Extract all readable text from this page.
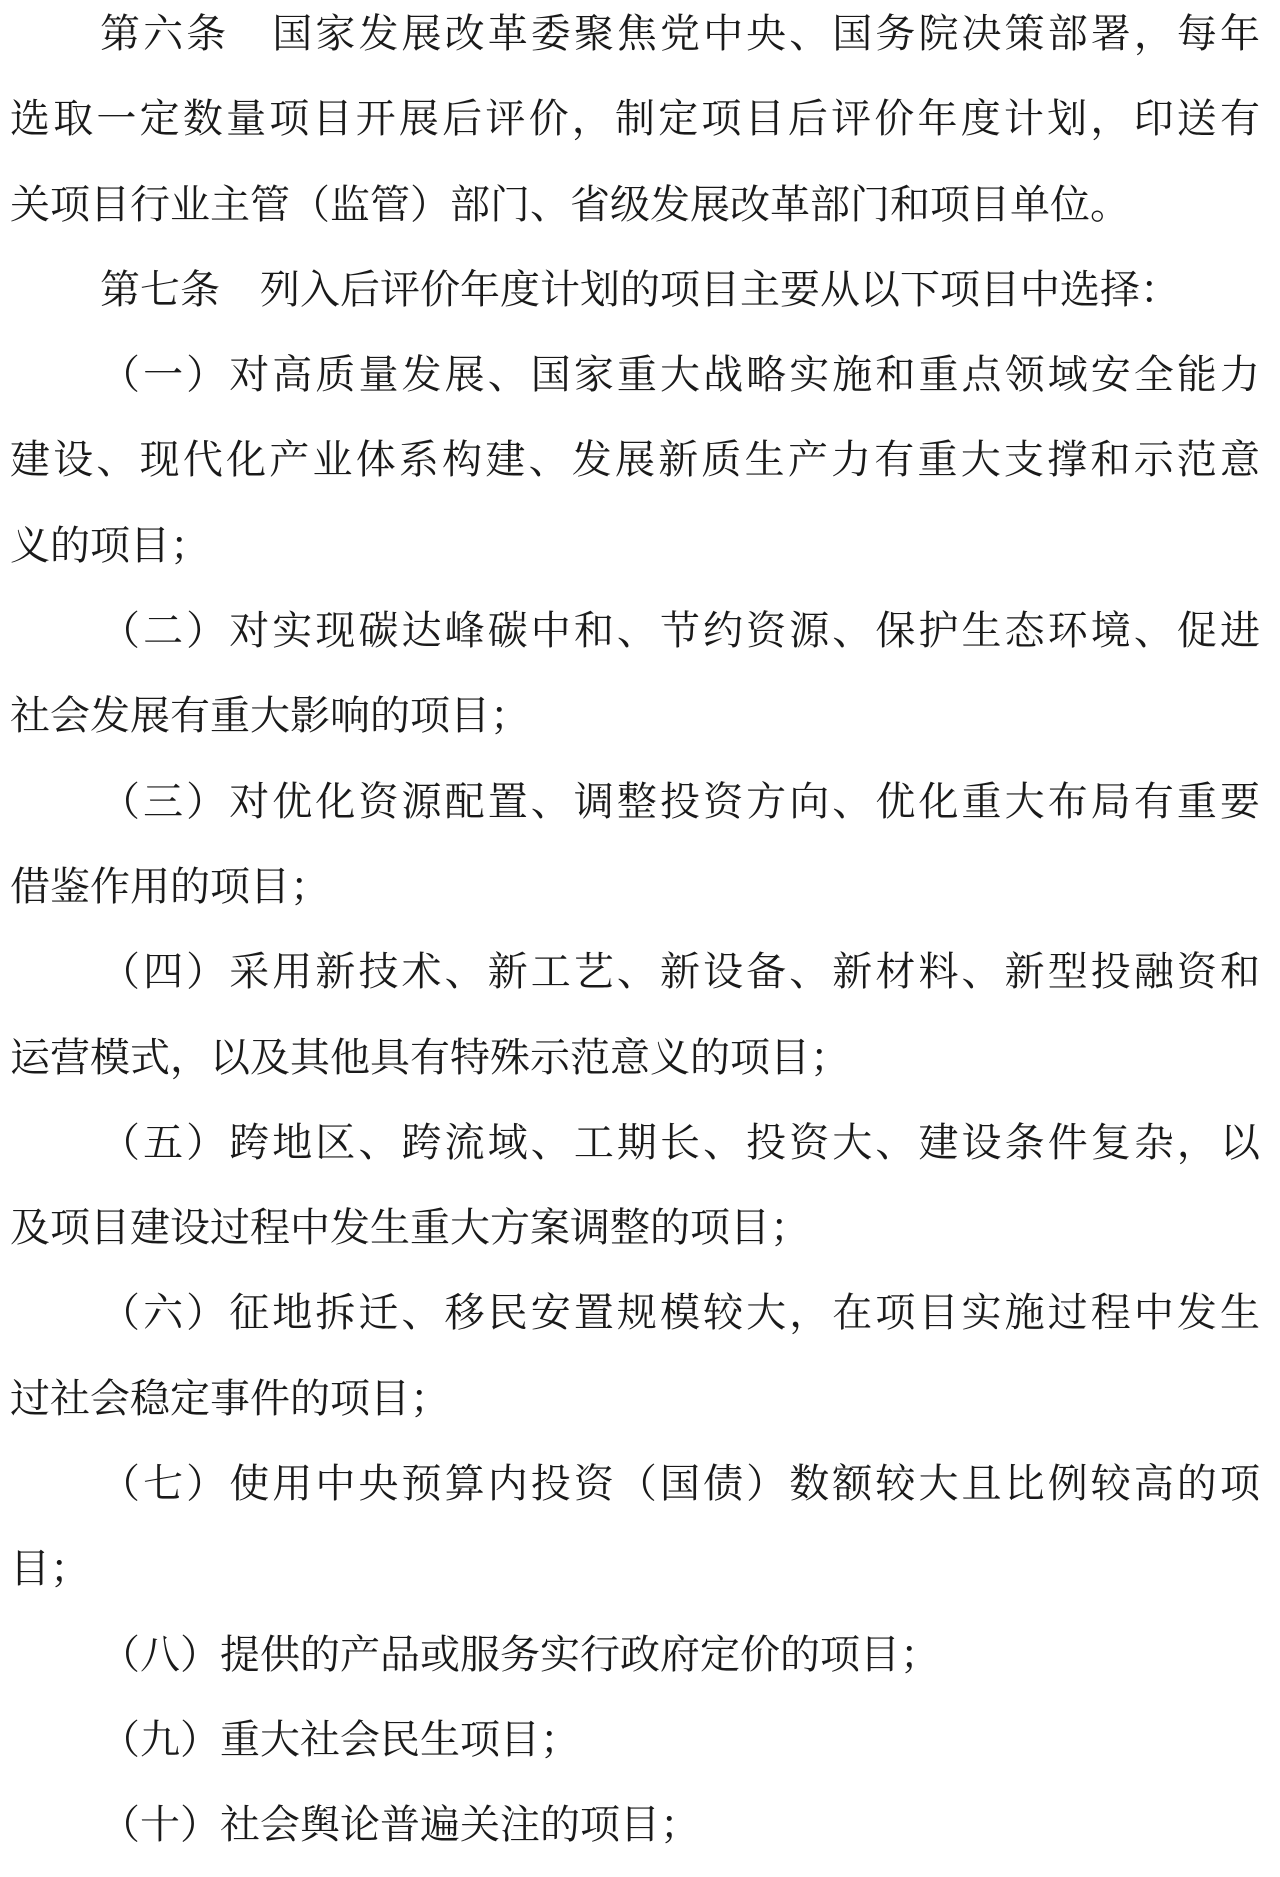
第六条　国家发展改革委聚焦党中央、国务院决策部署，每年
选取一定数量项目开展后评价，制定项目后评价年度计划，印送有
关项目行业主管（监管）部门、省级发展改革部门和项目单位。
第七条　列入后评价年度计划的项目主要从以下项目中选择：
（一）对高质量发展、国家重大战略实施和重点领域安全能力
建设、现代化产业体系构建、发展新质生产力有重大支撑和示范意
义的项目；
（二）对实现碳达峰碳中和、节约资源、保护生态环境、促进
社会发展有重大影响的项目；
（三）对优化资源配置、调整投资方向、优化重大布局有重要
借鉴作用的项目；
（四）采用新技术、新工艺、新设备、新材料、新型投融资和
运营模式，以及其他具有特殊示范意义的项目；
（五）跨地区、跨流域、工期长、投资大、建设条件复杂，以
及项目建设过程中发生重大方案调整的项目；
（六）征地拆迁、移民安置规模较大，在项目实施过程中发生
过社会稳定事件的项目；
（七）使用中央预算内投资（国债）数额较大且比例较高的项
目；
（八）提供的产品或服务实行政府定价的项目；
（九）重大社会民生项目；
（十）社会舆论普遍关注的项目；
